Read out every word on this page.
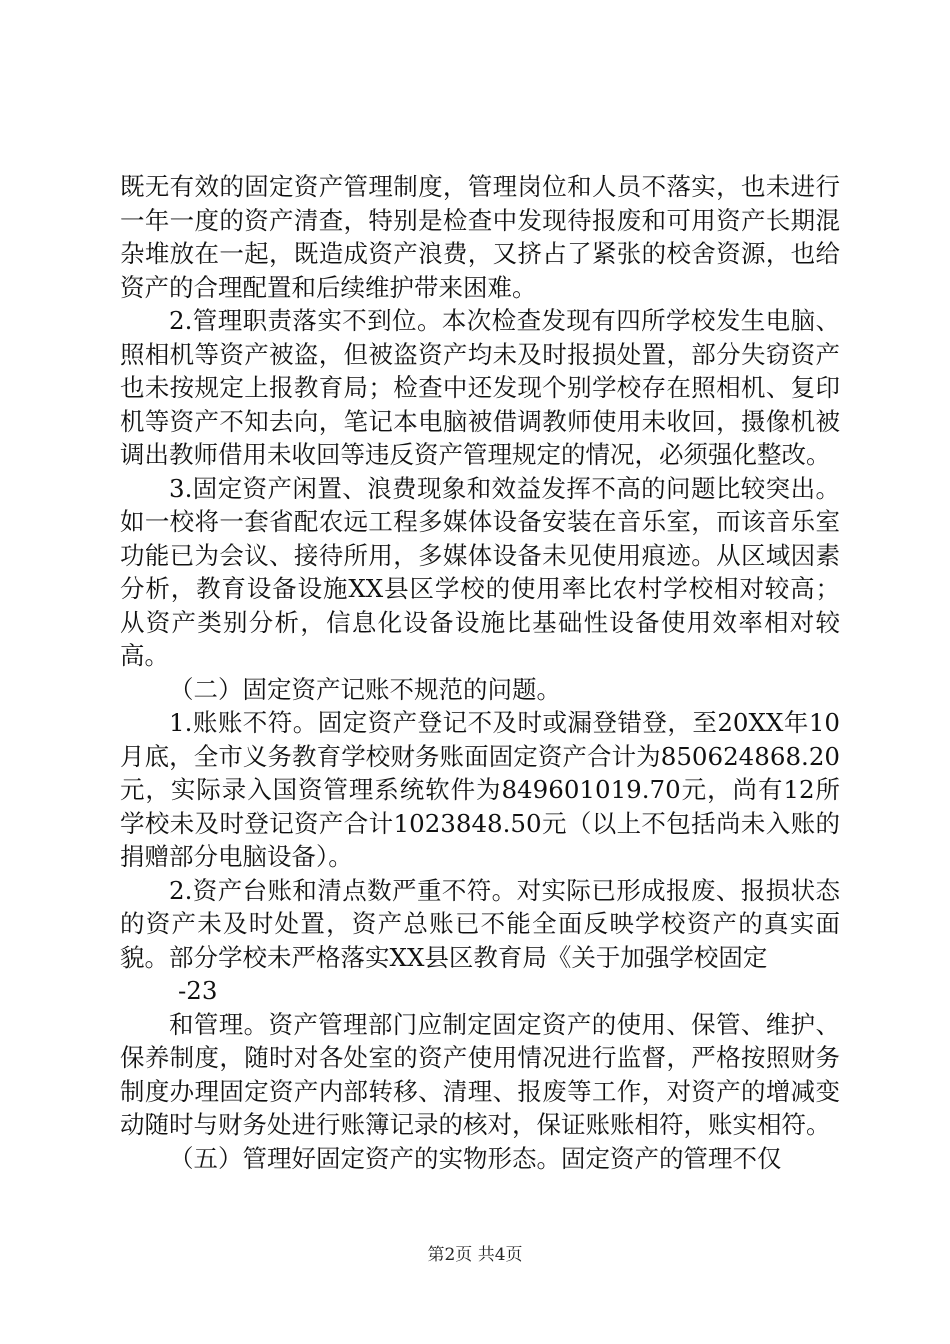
既无有效的固定资产管理制度，管理岗位和人员不落实，也未进行一年一度的资产清查，特别是检查中发现待报废和可用资产长期混杂堆放在一起，既造成资产浪费，又挤占了紧张的校舍资源，也给资产的合理配置和后续维护带来困难。

2.管理职责落实不到位。本次检查发现有四所学校发生电脑、照相机等资产被盗，但被盗资产均未及时报损处置，部分失窃资产也未按规定上报教育局；检查中还发现个别学校存在照相机、复印机等资产不知去向，笔记本电脑被借调教师使用未收回，摄像机被调出教师借用未收回等违反资产管理规定的情况，必须强化整改。

3.固定资产闲置、浪费现象和效益发挥不高的问题比较突出。如一校将一套省配农远工程多媒体设备安装在音乐室，而该音乐室功能已为会议、接待所用，多媒体设备未见使用痕迹。从区域因素分析，教育设备设施XX县区学校的使用率比农村学校相对较高；从资产类别分析，信息化设备设施比基础性设备使用效率相对较高。

（二）固定资产记账不规范的问题。

1.账账不符。固定资产登记不及时或漏登错登，至20XX年10月底，全市义务教育学校财务账面固定资产合计为850624868.20元，实际录入国资管理系统软件为849601019.70元，尚有12所学校未及时登记资产合计1023848.50元（以上不包括尚未入账的捐赠部分电脑设备）。

2.资产台账和清点数严重不符。对实际已形成报废、报损状态的资产未及时处置，资产总账已不能全面反映学校资产的真实面貌。部分学校未严格落实XX县区教育局《关于加强学校固定

-23

和管理。资产管理部门应制定固定资产的使用、保管、维护、保养制度，随时对各处室的资产使用情况进行监督，严格按照财务制度办理固定资产内部转移、清理、报废等工作，对资产的增减变动随时与财务处进行账簿记录的核对，保证账账相符，账实相符。

（五）管理好固定资产的实物形态。固定资产的管理不仅

第2页 共4页
